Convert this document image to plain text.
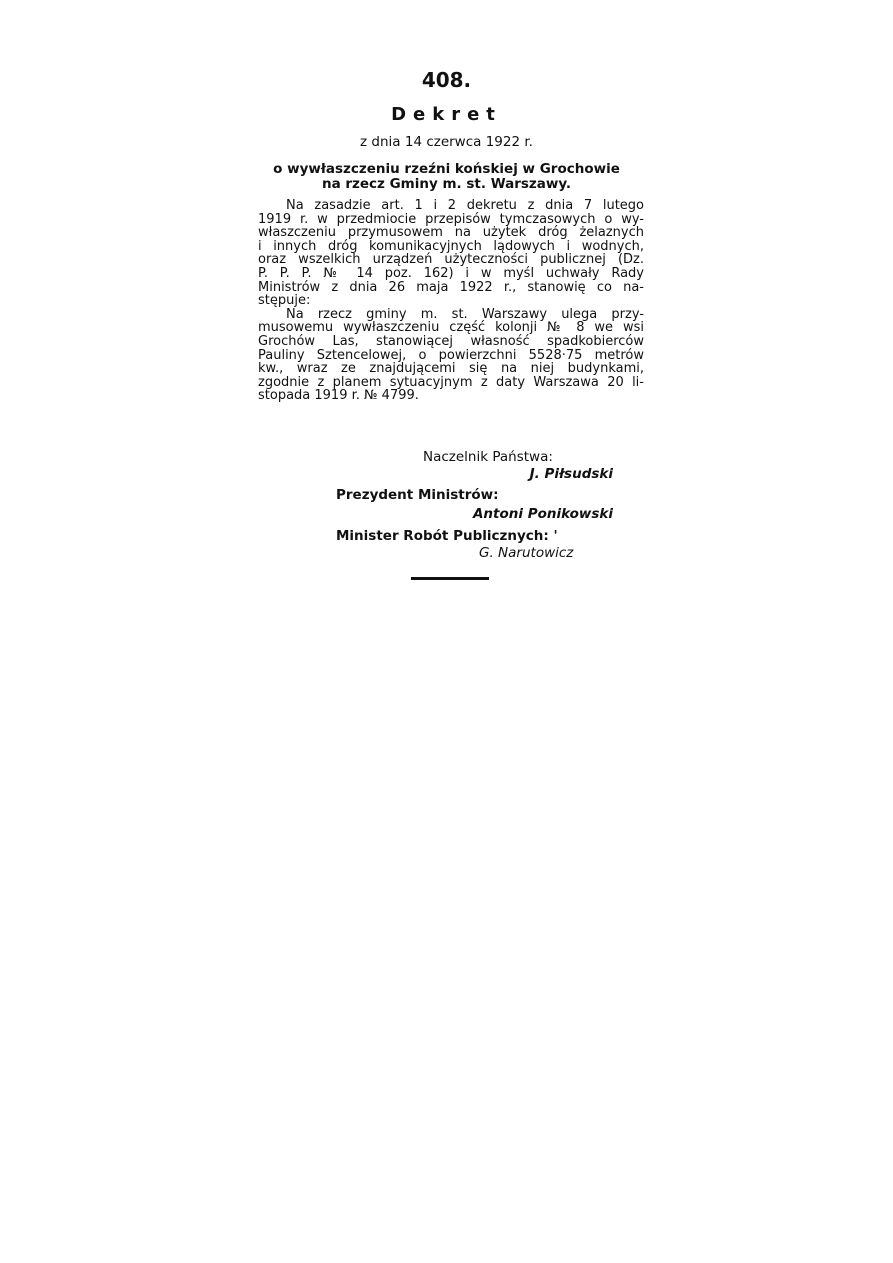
408.
Dekret
z dnia 14 czerwca 1922 r.
o wywłaszczeniu rzeźni końskiej w Grochowie
na rzecz Gminy m. st. Warszawy.
Na zasadzie art. 1 i 2 dekretu z dnia 7 lutego
1919 r. w przedmiocie przepisów tymczasowych o wy-
właszczeniu przymusowem na użytek dróg żelaznych
i innych dróg komunikacyjnych lądowych i wodnych,
oraz wszelkich urządzeń użyteczności publicznej (Dz.
P. P. P. № 14 poz. 162) i w myśl uchwały Rady
Ministrów z dnia 26 maja 1922 r., stanowię co na-
stępuje:
Na rzecz gminy m. st. Warszawy ulega przy-
musowemu wywłaszczeniu część kolonji № 8 we wsi
Grochów Las, stanowiącej własność spadkobierców
Pauliny Sztencelowej, o powierzchni 5528·75 metrów
kw., wraz ze znajdującemi się na niej budynkami,
zgodnie z planem sytuacyjnym z daty Warszawa 20 li-
stopada 1919 r. № 4799.
Naczelnik Państwa:
J. Piłsudski
Prezydent Ministrów:
Antoni Ponikowski
Minister Robót Publicznych: '
G. Narutowicz
